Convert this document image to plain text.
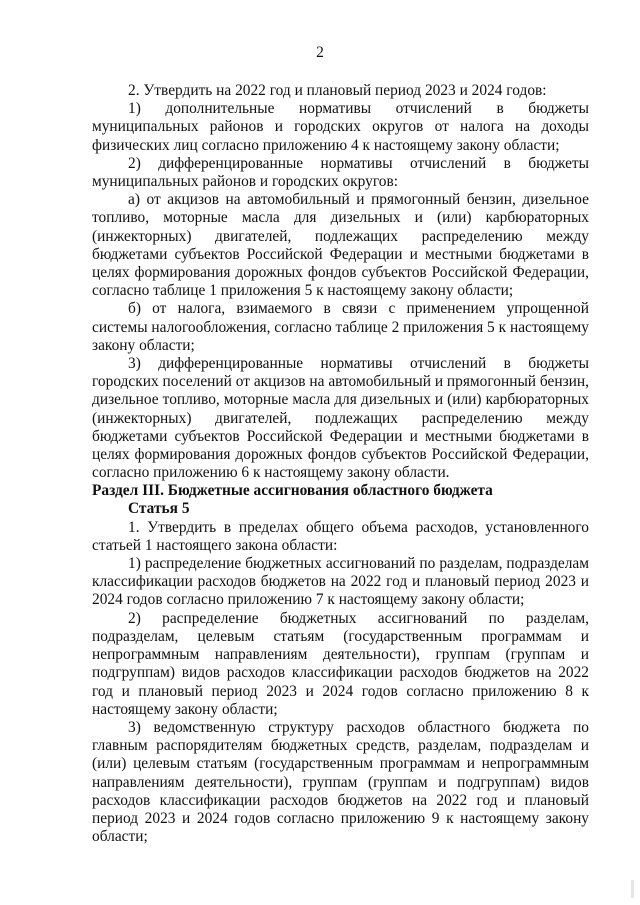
2

2. Утвердить на 2022 год и плановый период 2023 и 2024 годов:

1) дополнительные нормативы отчислений в бюджеты муниципальных районов и городских округов от налога на доходы физических лиц согласно приложению 4 к настоящему закону области;

2) дифференцированные нормативы отчислений в бюджеты муниципальных районов и городских округов:

а) от акцизов на автомобильный и прямогонный бензин, дизельное топливо, моторные масла для дизельных и (или) карбюраторных (инжекторных) двигателей, подлежащих распределению между бюджетами субъектов Российской Федерации и местными бюджетами в целях формирования дорожных фондов субъектов Российской Федерации, согласно таблице 1 приложения 5 к настоящему закону области;

б) от налога, взимаемого в связи с применением упрощенной системы налогообложения, согласно таблице 2 приложения 5 к настоящему закону области;

3) дифференцированные нормативы отчислений в бюджеты городских поселений от акцизов на автомобильный и прямогонный бензин, дизельное топливо, моторные масла для дизельных и (или) карбюраторных (инжекторных) двигателей, подлежащих распределению между бюджетами субъектов Российской Федерации и местными бюджетами в целях формирования дорожных фондов субъектов Российской Федерации, согласно приложению 6 к настоящему закону области.

Раздел III. Бюджетные ассигнования областного бюджета

Статья 5

1. Утвердить в пределах общего объема расходов, установленного статьей 1 настоящего закона области:

1) распределение бюджетных ассигнований по разделам, подразделам классификации расходов бюджетов на 2022 год и плановый период 2023 и 2024 годов согласно приложению 7 к настоящему закону области;

2) распределение бюджетных ассигнований по разделам, подразделам, целевым статьям (государственным программам и непрограммным направлениям деятельности), группам (группам и подгруппам) видов расходов классификации расходов бюджетов на 2022 год и плановый период 2023 и 2024 годов согласно приложению 8 к настоящему закону области;

3) ведомственную структуру расходов областного бюджета по главным распорядителям бюджетных средств, разделам, подразделам и (или) целевым статьям (государственным программам и непрограммным направлениям деятельности), группам (группам и подгруппам) видов расходов классификации расходов бюджетов на 2022 год и плановый период 2023 и 2024 годов согласно приложению 9 к настоящему закону области;
